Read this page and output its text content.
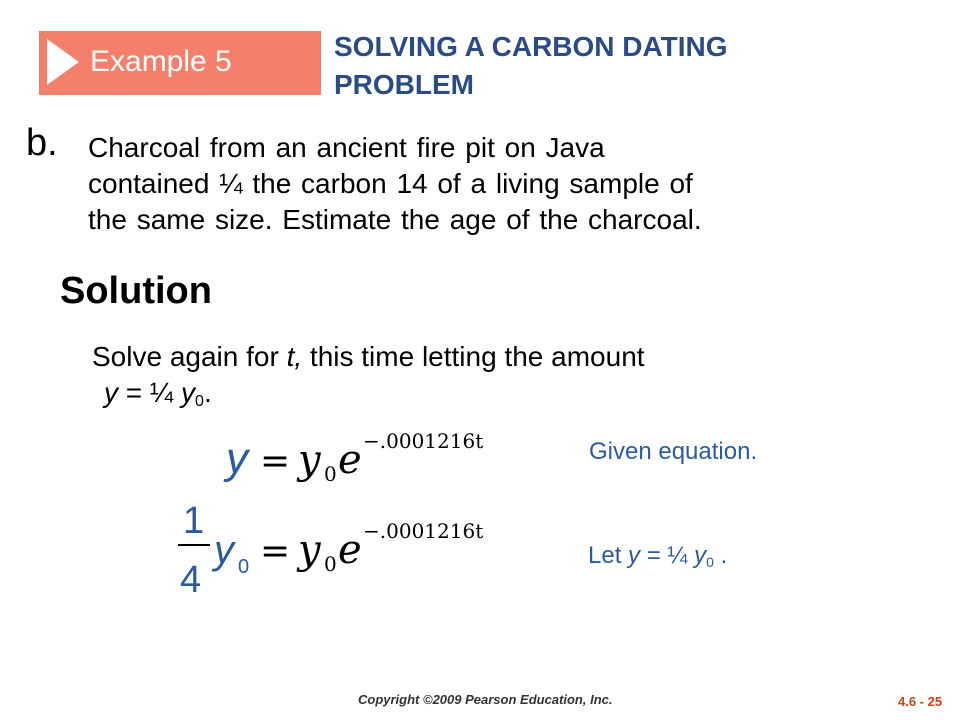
Example 5	SOLVING A CARBON DATING
PROBLEM
b. Charcoal from an ancient fire pit on Java
contained ¼ the carbon 14 of a living sample of
the same size. Estimate the age of the charcoal.
Solution
Solve again for t, this time letting the amount
y = ¼ $y_0$.
y = y 0 e −.0001216t
1
4
y 0 = y 0 e −.0001216t
Given equation.
Let y = ¼ $y_0$ .
Copyright ©2009 Pearson Education, Inc.	4.6 - 25
